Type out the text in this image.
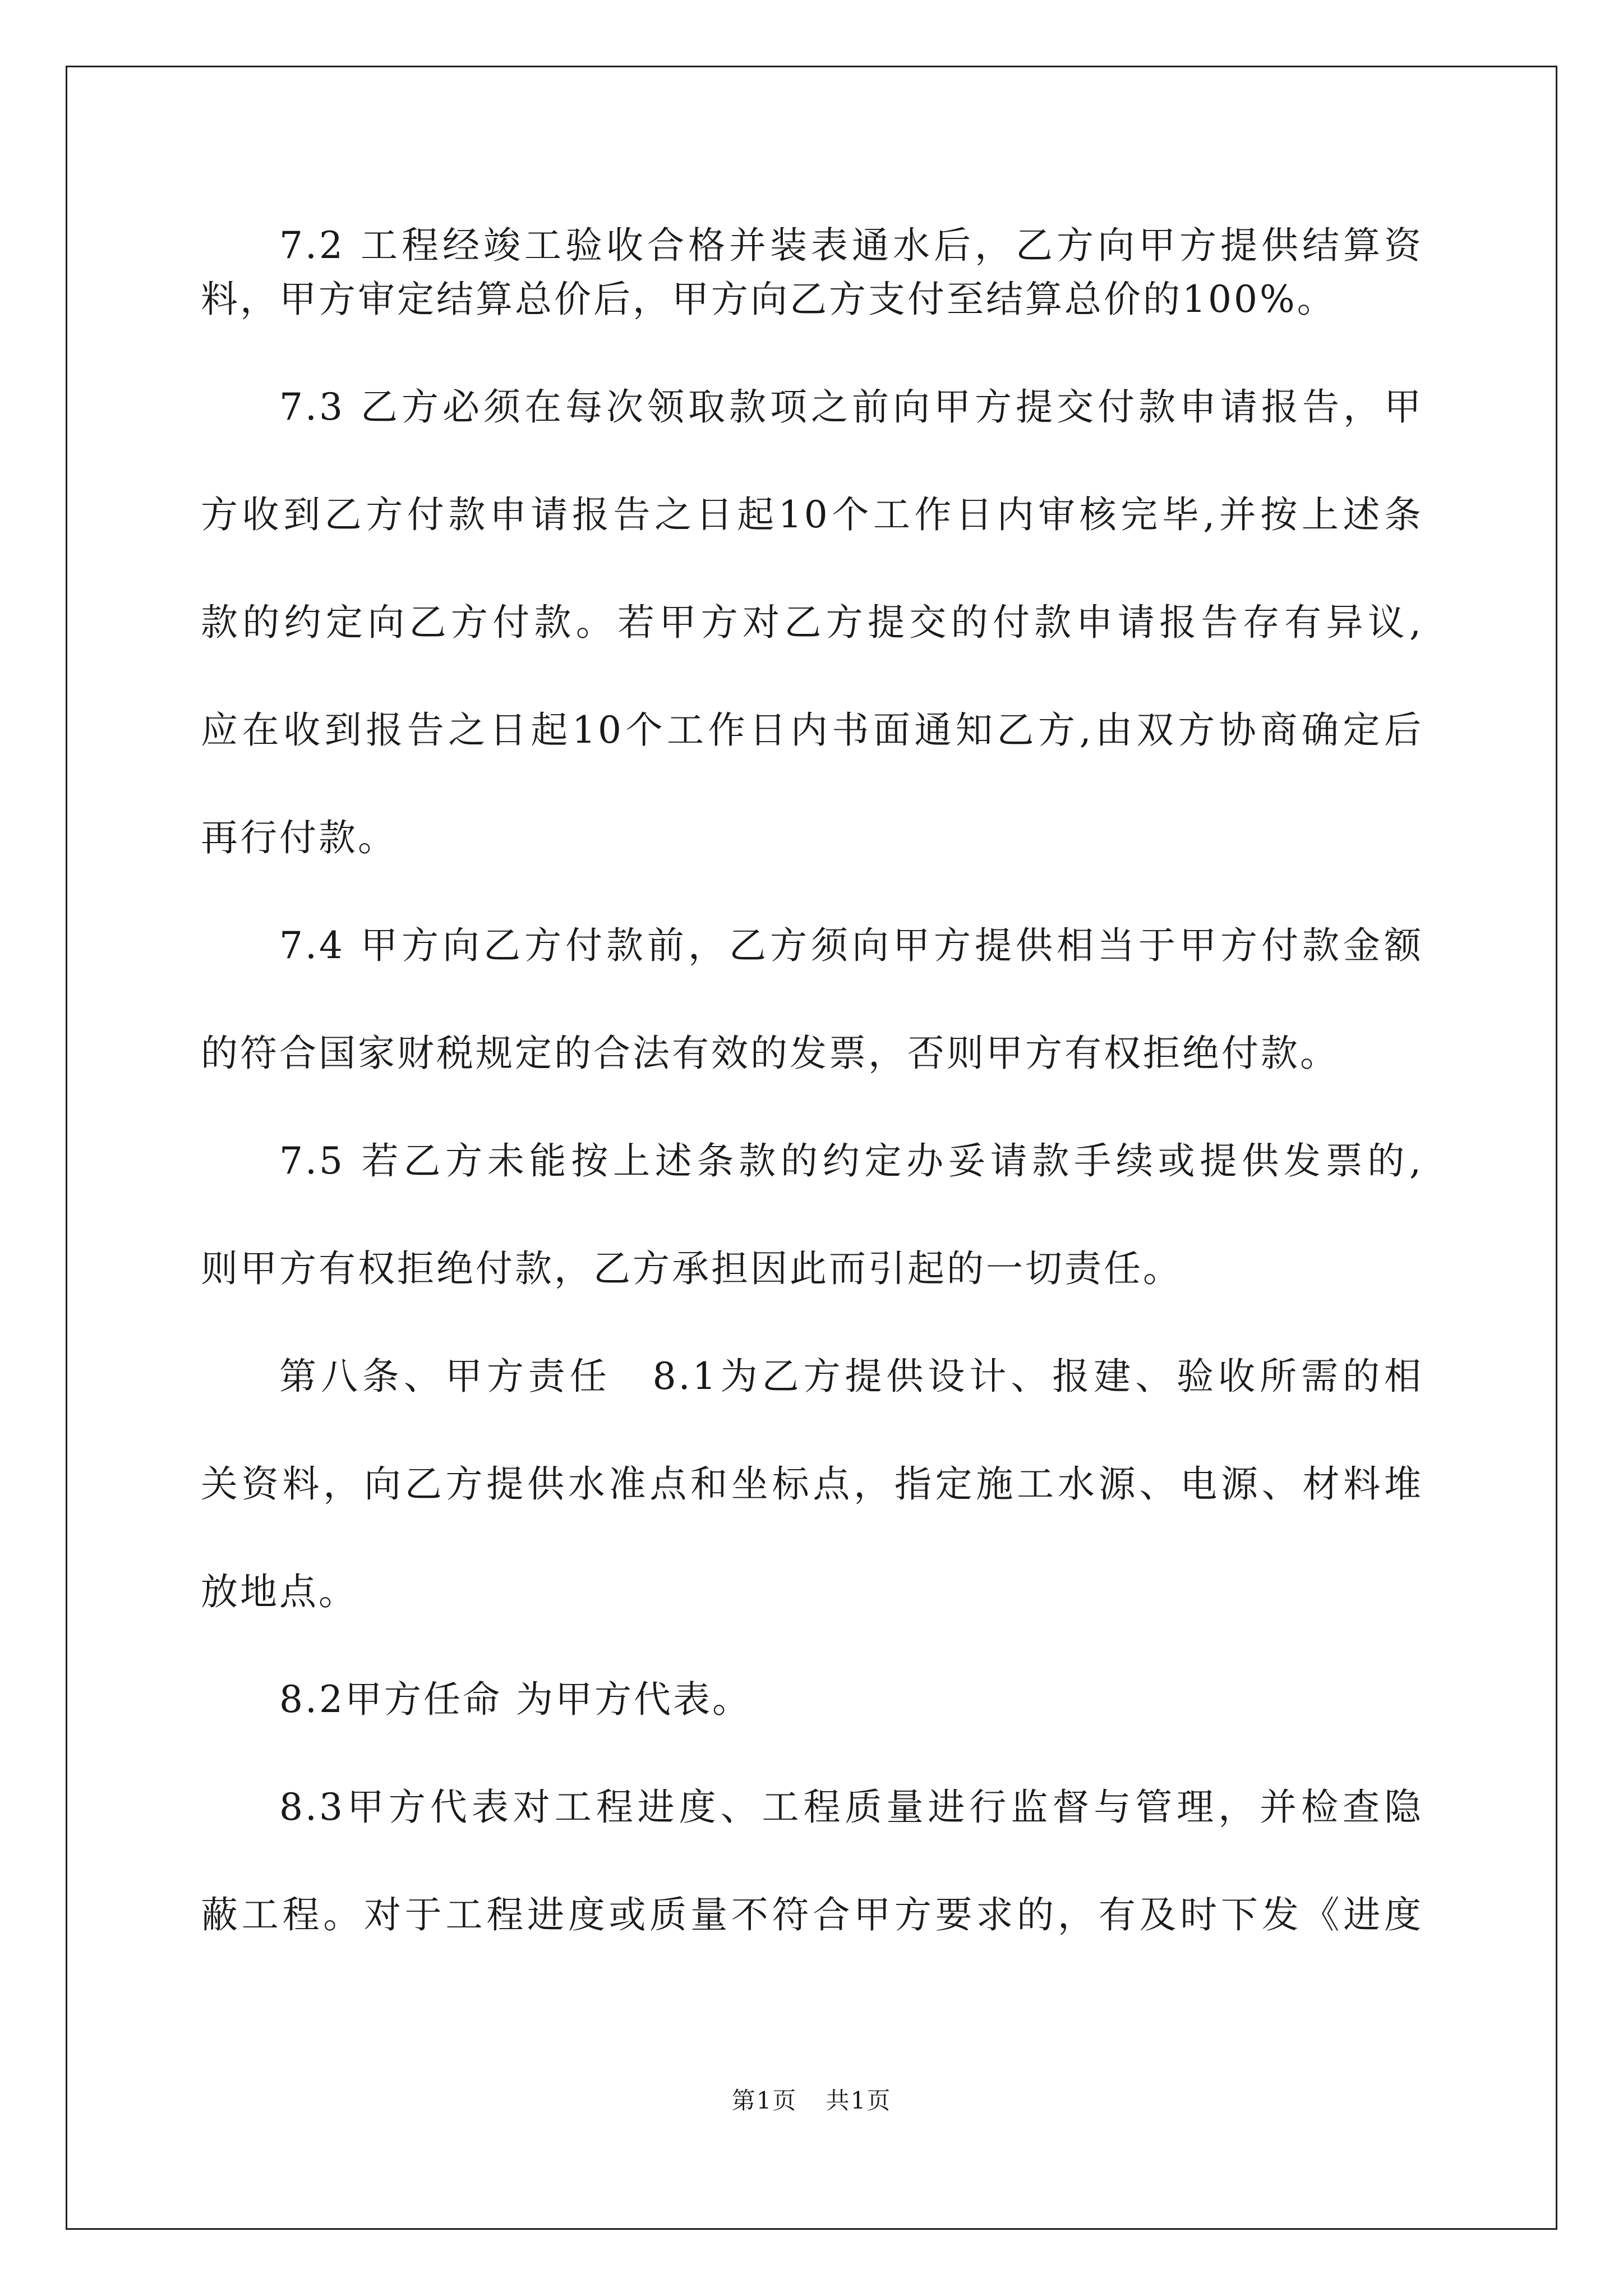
7.2 工程经竣工验收合格并装表通水后，乙方向甲方提供结算资
料，甲方审定结算总价后，甲方向乙方支付至结算总价的100%。
7.3 乙方必须在每次领取款项之前向甲方提交付款申请报告，甲
方收到乙方付款申请报告之日起10个工作日内审核完毕,并按上述条
款的约定向乙方付款。若甲方对乙方提交的付款申请报告存有异议,
应在收到报告之日起10个工作日内书面通知乙方,由双方协商确定后
再行付款。
7.4 甲方向乙方付款前，乙方须向甲方提供相当于甲方付款金额
的符合国家财税规定的合法有效的发票，否则甲方有权拒绝付款。
7.5 若乙方未能按上述条款的约定办妥请款手续或提供发票的,
则甲方有权拒绝付款，乙方承担因此而引起的一切责任。
第八条、甲方责任　8.1为乙方提供设计、报建、验收所需的相
关资料，向乙方提供水准点和坐标点，指定施工水源、电源、材料堆
放地点。
8.2甲方任命 为甲方代表。
8.3甲方代表对工程进度、工程质量进行监督与管理，并检查隐
蔽工程。对于工程进度或质量不符合甲方要求的，有及时下发《进度
第1页 共1页
